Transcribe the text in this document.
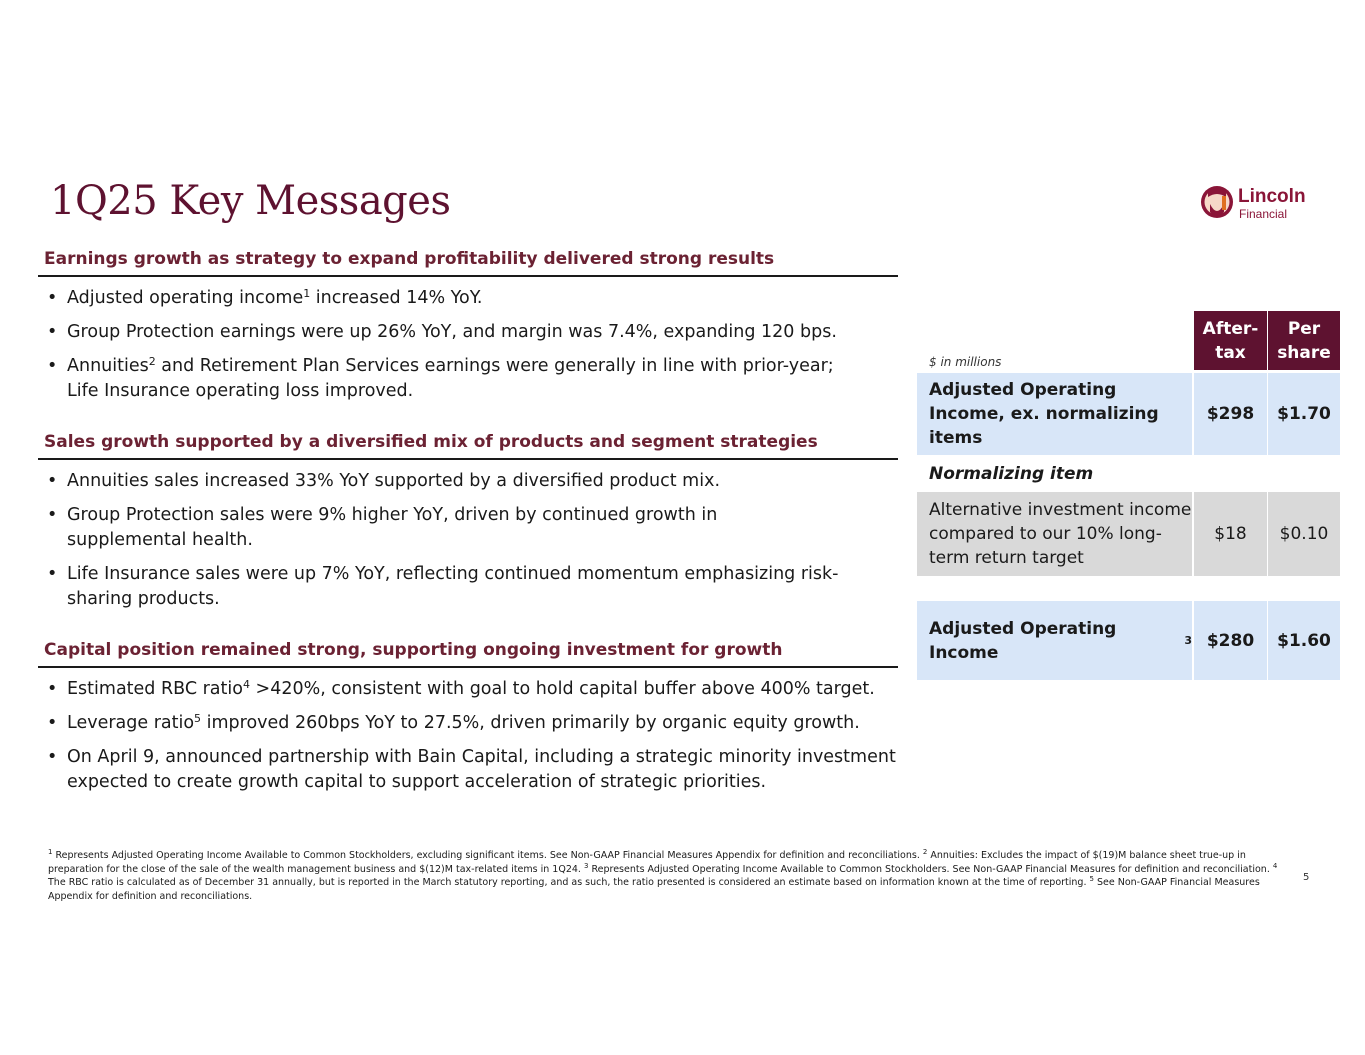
1Q25 Key Messages	Lincoln
Financial
Earnings growth as strategy to expand profitability delivered strong results
• Adjusted operating income$^1$ increased 14% YoY.
• Group Protection earnings were up 26% YoY, and margin was 7.4%, expanding 120 bps.
• Annuities$^2$ and Retirement Plan Services earnings were generally in line with prior-year; Life Insurance operating loss improved.
Sales growth supported by a diversified mix of products and segment strategies
• Annuities sales increased 33% YoY supported by a diversified product mix.
• Group Protection sales were 9% higher YoY, driven by continued growth in supplemental health.
• Life Insurance sales were up 7% YoY, reflecting continued momentum emphasizing risk-sharing products.
Capital position remained strong, supporting ongoing investment for growth
• Estimated RBC ratio$^4$ >420%, consistent with goal to hold capital buffer above 400% target.
• Leverage ratio$^5$ improved 260bps YoY to 27.5%, driven primarily by organic equity growth.
• On April 9, announced partnership with Bain Capital, including a strategic minority investment expected to create growth capital to support acceleration of strategic priorities.
$ in millions
After-tax
Per share
Adjusted Operating Income, ex. normalizing items
$298	$1.70
Normalizing item
Alternative investment income compared to our 10% long-term return target
$18	$0.10
Adjusted Operating Income
3 $280	$1.60
$^1$ Represents Adjusted Operating Income Available to Common Stockholders, excluding significant items. See Non-GAAP Financial Measures Appendix for definition and reconciliations. $^2$ Annuities: Excludes the impact of $(19)M balance sheet true-up in preparation for the close of the sale of the wealth management business and $(12)M tax-related items in 1Q24. $^3$ Represents Adjusted Operating Income Available to Common Stockholders. See Non-GAAP Financial Measures for definition and reconciliation. $^4$ The RBC ratio is calculated as of December 31 annually, but is reported in the March statutory reporting, and as such, the ratio presented is considered an estimate based on information known at the time of reporting. $^5$ See Non-GAAP Financial Measures Appendix for definition and reconciliations.
5
